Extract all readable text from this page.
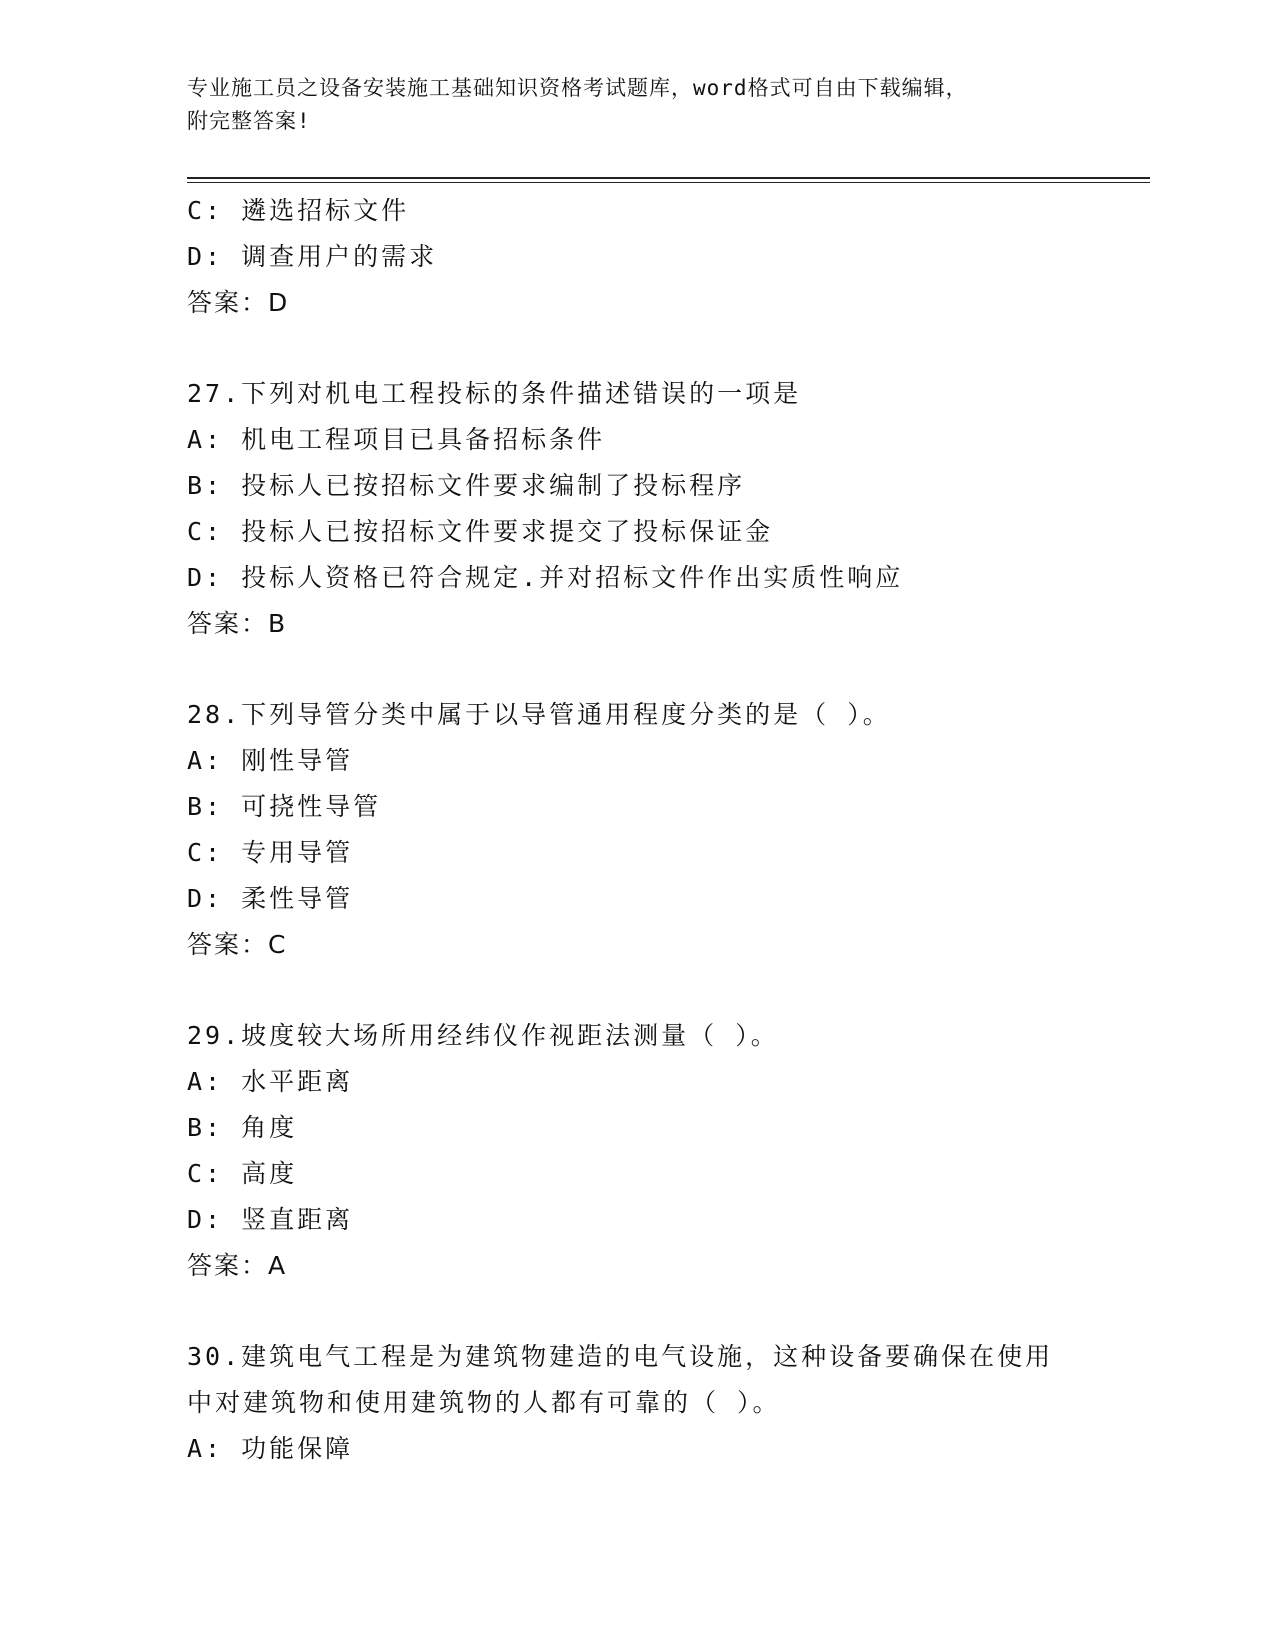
专业施工员之设备安装施工基础知识资格考试题库，word格式可自由下载编辑，
附完整答案!
C: 遴选招标文件
D: 调查用户的需求
答案：D
27.下列对机电工程投标的条件描述错误的一项是
A: 机电工程项目已具备招标条件
B: 投标人已按招标文件要求编制了投标程序
C: 投标人已按招标文件要求提交了投标保证金
D: 投标人资格已符合规定.并对招标文件作出实质性响应
答案：B
28.下列导管分类中属于以导管通用程度分类的是（ ）。
A: 刚性导管
B: 可挠性导管
C: 专用导管
D: 柔性导管
答案：C
29.坡度较大场所用经纬仪作视距法测量（ ）。
A: 水平距离
B: 角度
C: 高度
D: 竖直距离
答案：A
30.建筑电气工程是为建筑物建造的电气设施，这种设备要确保在使用
中对建筑物和使用建筑物的人都有可靠的（ ）。
A: 功能保障
